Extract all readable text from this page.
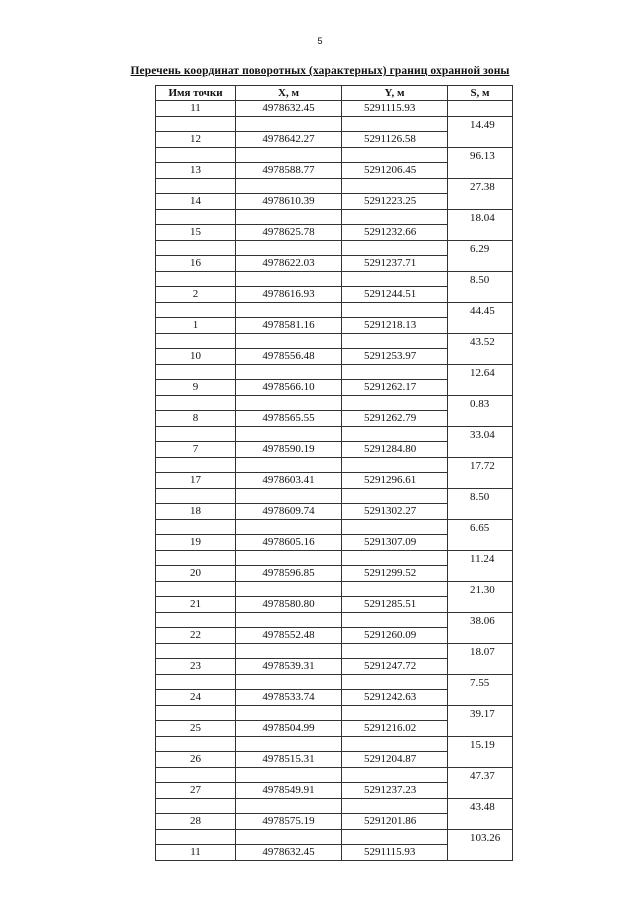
5
Перечень координат поворотных (характерных) границ охранной зоны
Имя точки	X, м	Y, м	S, м
11	4978632.45	5291115.93	
			14.49
12	4978642.27	5291126.58	
			96.13
13	4978588.77	5291206.45	
			27.38
14	4978610.39	5291223.25	
			18.04
15	4978625.78	5291232.66	
			6.29
16	4978622.03	5291237.71	
			8.50
2	4978616.93	5291244.51	
			44.45
1	4978581.16	5291218.13	
			43.52
10	4978556.48	5291253.97	
			12.64
9	4978566.10	5291262.17	
			0.83
8	4978565.55	5291262.79	
			33.04
7	4978590.19	5291284.80	
			17.72
17	4978603.41	5291296.61	
			8.50
18	4978609.74	5291302.27	
			6.65
19	4978605.16	5291307.09	
			11.24
20	4978596.85	5291299.52	
			21.30
21	4978580.80	5291285.51	
			38.06
22	4978552.48	5291260.09	
			18.07
23	4978539.31	5291247.72	
			7.55
24	4978533.74	5291242.63	
			39.17
25	4978504.99	5291216.02	
			15.19
26	4978515.31	5291204.87	
			47.37
27	4978549.91	5291237.23	
			43.48
28	4978575.19	5291201.86	
			103.26
11	4978632.45	5291115.93	
